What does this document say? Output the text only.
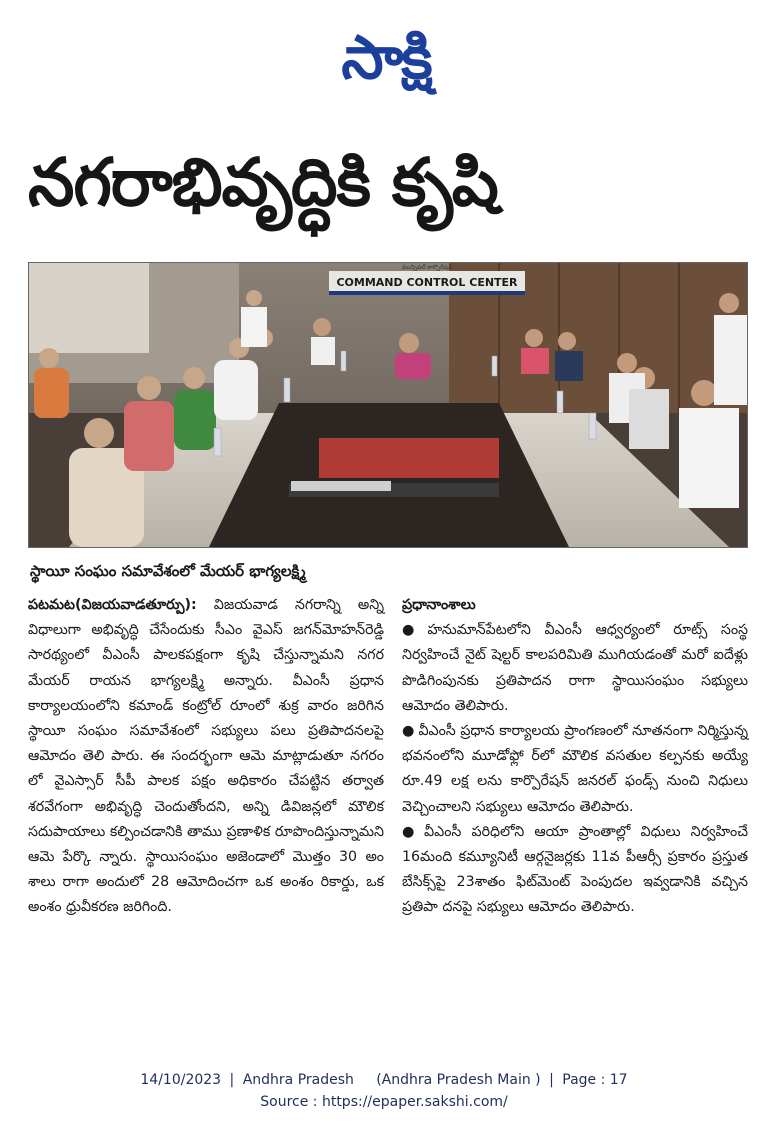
సాక్షి
నగరాభివృద్ధికి కృషి
COMMAND CONTROL CENTER
మున్సిపల్ కార్పొరేషన్
స్థాయీ సంఘం సమావేశంలో మేయర్ భాగ్యలక్ష్మి

పటమట(విజయవాడతూర్పు): విజయవాడ నగరాన్ని అన్ని విధాలుగా అభివృద్ధి చేసేందుకు సీఎం వైఎస్ జగన్‌మోహన్‌రెడ్డి సారథ్యంలో వీఎంసీ పాలకపక్షంగా కృషి చేస్తున్నామని నగర మేయర్ రాయన భాగ్యలక్ష్మి అన్నారు. వీఎంసీ ప్రధాన కార్యాలయంలోని కమాండ్ కంట్రోల్ రూంలో శుక్ర వారం జరిగిన స్థాయీ సంఘం సమావేశంలో సభ్యులు పలు ప్రతిపాదనలపై ఆమోదం తెలి పారు. ఈ సందర్భంగా ఆమె మాట్లాడుతూ నగరం లో వైఎస్సార్ సీపీ పాలక పక్షం అధికారం చేపట్టిన తర్వాత శరవేగంగా అభివృద్ధి చెందుతోందని, అన్ని డివిజన్లలో మౌలిక సదుపాయాలు కల్పించడానికి తాము ప్రణాళిక రూపొందిస్తున్నామని ఆమె పేర్కొ న్నారు. స్థాయిసంఘం అజెండాలో మొత్తం 30 అం శాలు రాగా అందులో 28 ఆమోదించగా ఒక అంశం రికార్డు, ఒక అంశం ధ్రువీకరణ జరిగింది.

ప్రధానాంశాలు

● హనుమాన్‌పేటలోని వీఎంసీ ఆధ్వర్యంలో రూట్స్ సంస్థ నిర్వహించే నైట్ షెల్టర్ కాలపరిమితి ముగియడంతో మరో ఐదేళ్లు పొడిగింపునకు ప్రతిపాదన రాగా స్థాయిసంఘం సభ్యులు ఆమోదం తెలిపారు.

● వీఎంసీ ప్రధాన కార్యాలయ ప్రాంగణంలో నూతనంగా నిర్మిస్తున్న భవనంలోని మూడోఫ్లో ర్‌లో మౌలిక వసతుల కల్పనకు అయ్యే రూ.49 లక్ష లను కార్పొరేషన్ జనరల్ ఫండ్స్ నుంచి నిధులు వెచ్చించాలని సభ్యులు ఆమోదం తెలిపారు.

● వీఎంసీ పరిధిలోని ఆయా ప్రాంతాల్లో విధులు నిర్వహించే 16మంది కమ్యూనిటీ ఆర్గనైజర్లకు 11వ పీఆర్సీ ప్రకారం ప్రస్తుత బేసిక్స్‌పై 23శాతం ఫిట్‌మెంట్ పెంపుదల ఇవ్వడానికి వచ్చిన ప్రతిపా దనపై సభ్యులు ఆమోదం తెలిపారు.

14/10/2023 | Andhra Pradesh (Andhra Pradesh Main ) | Page : 17
Source : https://epaper.sakshi.com/
